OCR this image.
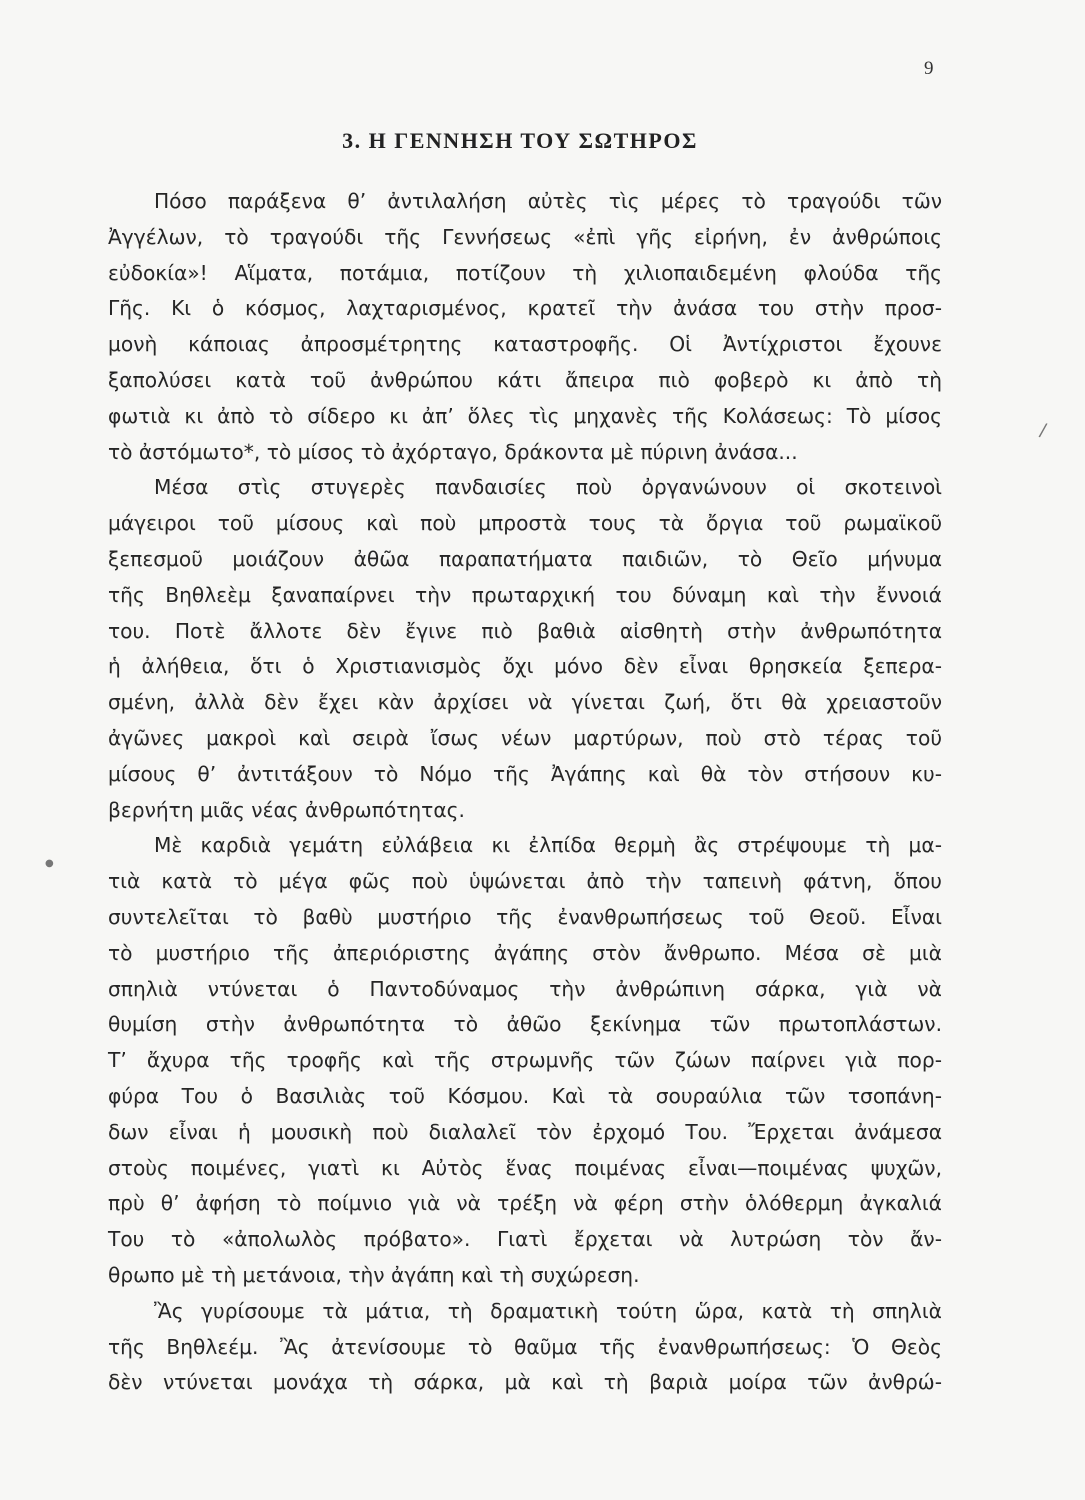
9
3. Η ΓΕΝΝΗΣΗ ΤΟΥ ΣΩΤΗΡΟΣ
/
●
Πόσο παράξενα θ’ ἀντιλαλήση αὐτὲς τὶς μέρες τὸ τραγούδι τῶν
Ἀγγέλων, τὸ τραγούδι τῆς Γεννήσεως «ἐπὶ γῆς εἰρήνη, ἐν ἀνθρώποις
εὐδοκία»! Αἵματα, ποτάμια, ποτίζουν τὴ χιλιοπαιδεμένη φλούδα τῆς
Γῆς. Κι ὁ κόσμος, λαχταρισμένος, κρατεῖ τὴν ἀνάσα του στὴν προσ-
μονὴ κάποιας ἀπροσμέτρητης καταστροφῆς. Οἱ Ἀντίχριστοι ἔχουνε
ξαπολύσει κατὰ τοῦ ἀνθρώπου κάτι ἄπειρα πιὸ φοβερὸ κι ἀπὸ τὴ
φωτιὰ κι ἀπὸ τὸ σίδερο κι ἀπ’ ὅλες τὶς μηχανὲς τῆς Κολάσεως: Τὸ μίσος
τὸ ἀστόμωτο*, τὸ μίσος τὸ ἀχόρταγο, δράκοντα μὲ πύρινη ἀνάσα...
Μέσα στὶς στυγερὲς πανδαισίες ποὺ ὀργανώνουν οἱ σκοτεινοὶ
μάγειροι τοῦ μίσους καὶ ποὺ μπροστὰ τους τὰ ὄργια τοῦ ρωμαϊκοῦ
ξεπεσμοῦ μοιάζουν ἀθῶα παραπατήματα παιδιῶν, τὸ Θεῖο μήνυμα
τῆς Βηθλεὲμ ξαναπαίρνει τὴν πρωταρχική του δύναμη καὶ τὴν ἔννοιά
του. Ποτὲ ἄλλοτε δὲν ἔγινε πιὸ βαθιὰ αἰσθητὴ στὴν ἀνθρωπότητα
ἡ ἀλήθεια, ὅτι ὁ Χριστιανισμὸς ὄχι μόνο δὲν εἶναι θρησκεία ξεπερα-
σμένη, ἀλλὰ δὲν ἔχει κὰν ἀρχίσει νὰ γίνεται ζωή, ὅτι θὰ χρειαστοῦν
ἀγῶνες μακροὶ καὶ σειρὰ ἴσως νέων μαρτύρων, ποὺ στὸ τέρας τοῦ
μίσους θ’ ἀντιτάξουν τὸ Νόμο τῆς Ἀγάπης καὶ θὰ τὸν στήσουν κυ-
βερνήτη μιᾶς νέας ἀνθρωπότητας.
Μὲ καρδιὰ γεμάτη εὐλάβεια κι ἐλπίδα θερμὴ ἂς στρέψουμε τὴ μα-
τιὰ κατὰ τὸ μέγα φῶς ποὺ ὑψώνεται ἀπὸ τὴν ταπεινὴ φάτνη, ὅπου
συντελεῖται τὸ βαθὺ μυστήριο τῆς ἐνανθρωπήσεως τοῦ Θεοῦ. Εἶναι
τὸ μυστήριο τῆς ἀπεριόριστης ἀγάπης στὸν ἄνθρωπο. Μέσα σὲ μιὰ
σπηλιὰ ντύνεται ὁ Παντοδύναμος τὴν ἀνθρώπινη σάρκα, γιὰ νὰ
θυμίση στὴν ἀνθρωπότητα τὸ ἀθῶο ξεκίνημα τῶν πρωτοπλάστων.
Τ’ ἄχυρα τῆς τροφῆς καὶ τῆς στρωμνῆς τῶν ζώων παίρνει γιὰ πορ-
φύρα Του ὁ Βασιλιὰς τοῦ Κόσμου. Καὶ τὰ σουραύλια τῶν τσοπάνη-
δων εἶναι ἡ μουσικὴ ποὺ διαλαλεῖ τὸν ἐρχομό Του. Ἔρχεται ἀνάμεσα
στοὺς ποιμένες, γιατὶ κι Αὐτὸς ἕνας ποιμένας εἶναι—ποιμένας ψυχῶν,
πρὺ θ’ ἀφήση τὸ ποίμνιο γιὰ νὰ τρέξη νὰ φέρη στὴν ὁλόθερμη ἀγκαλιά
Του τὸ «ἀπολωλὸς πρόβατο». Γιατὶ ἔρχεται νὰ λυτρώση τὸν ἄν-
θρωπο μὲ τὴ μετάνοια, τὴν ἀγάπη καὶ τὴ συχώρεση.
Ἂς γυρίσουμε τὰ μάτια, τὴ δραματικὴ τούτη ὥρα, κατὰ τὴ σπηλιὰ
τῆς Βηθλεέμ. Ἂς ἀτενίσουμε τὸ θαῦμα τῆς ἐνανθρωπήσεως: Ὁ Θεὸς
δὲν ντύνεται μονάχα τὴ σάρκα, μὰ καὶ τὴ βαριὰ μοίρα τῶν ἀνθρώ-
